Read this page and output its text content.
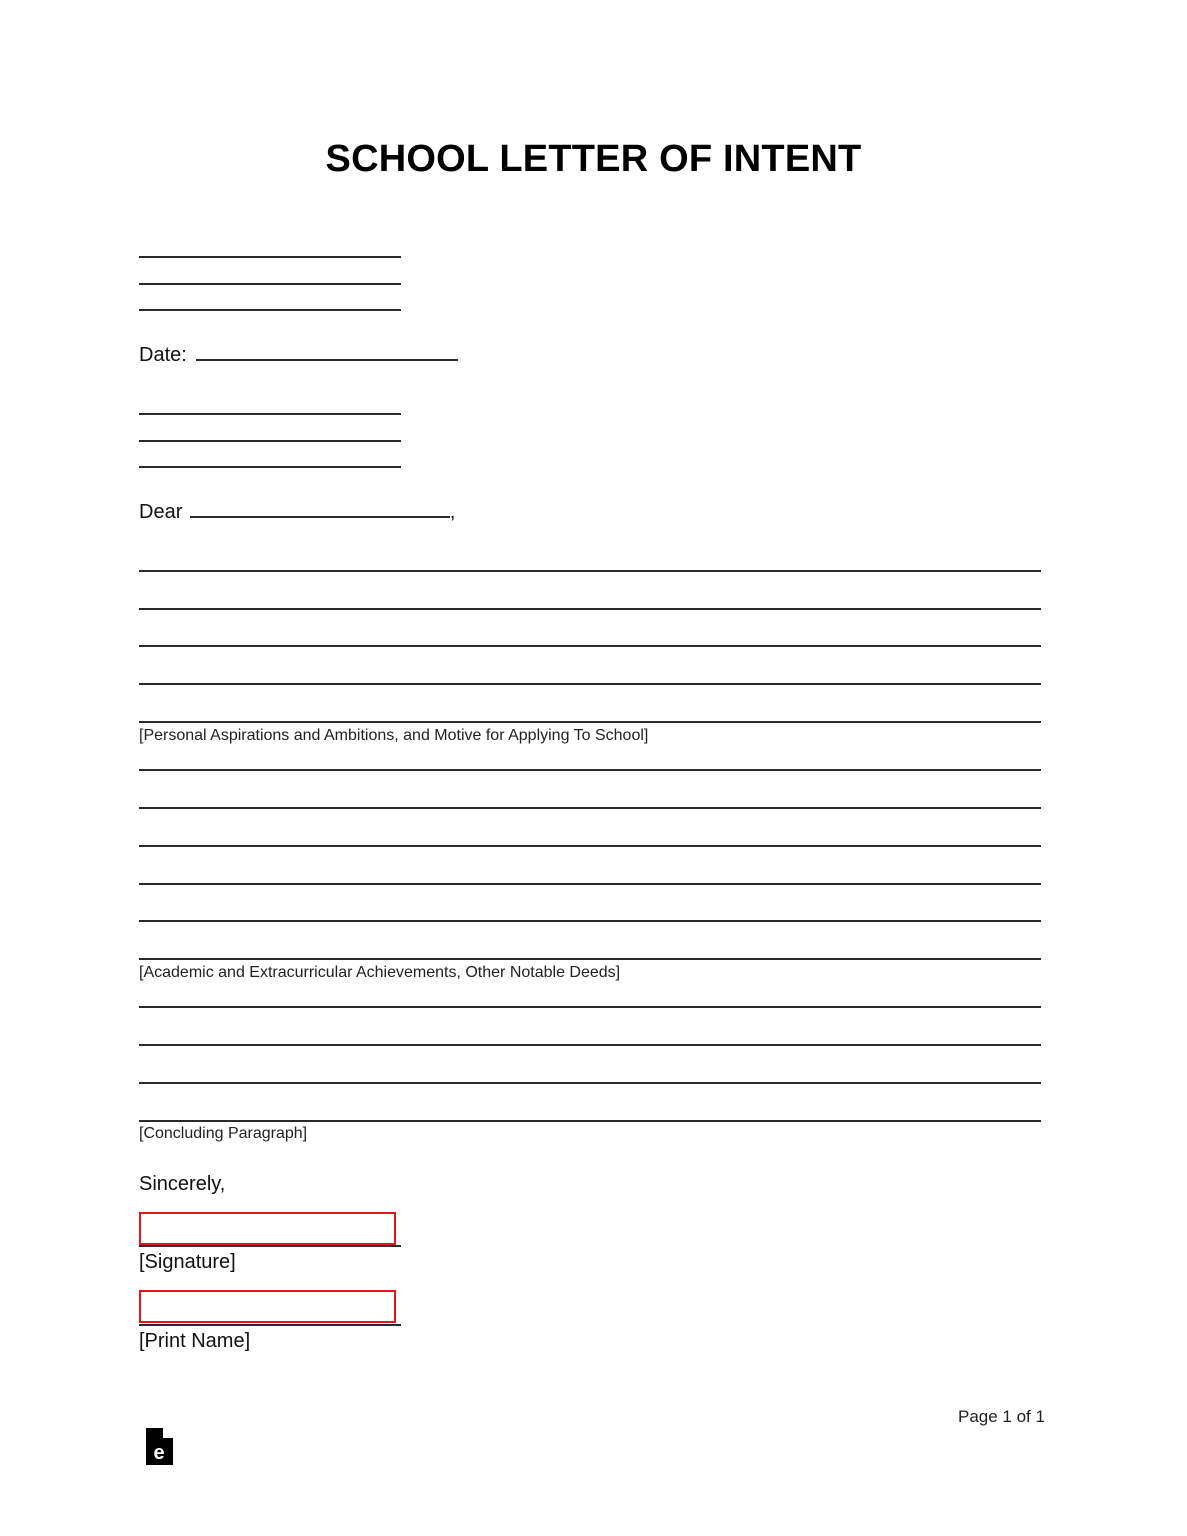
SCHOOL LETTER OF INTENT
Date:
Dear	,
[Personal Aspirations and Ambitions, and Motive for Applying To School]
[Academic and Extracurricular Achievements, Other Notable Deeds]
[Concluding Paragraph]
Sincerely,
[Signature]
[Print Name]
Page 1 of 1
e
